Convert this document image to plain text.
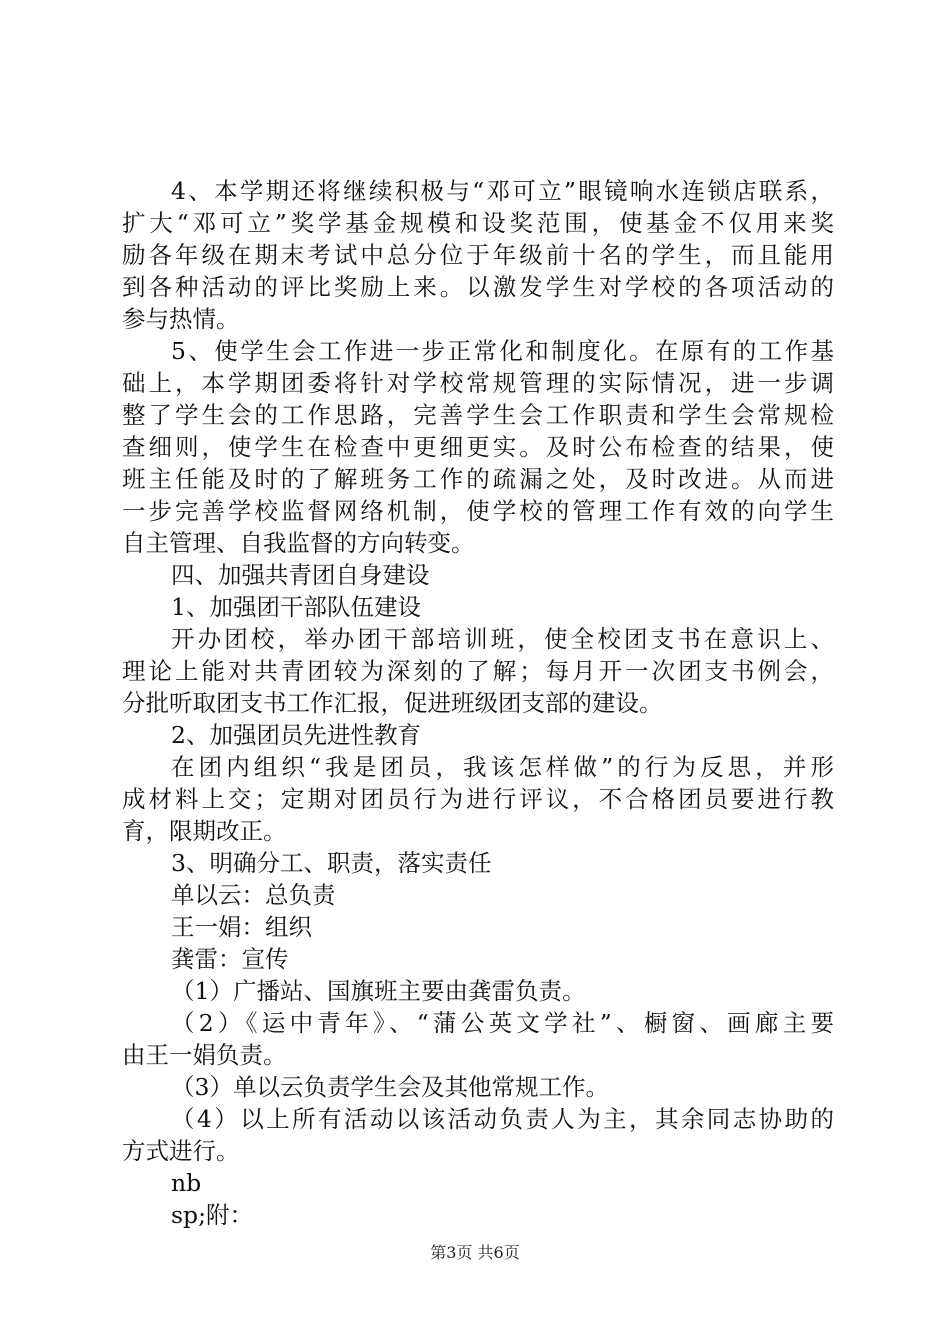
4、本学期还将继续积极与“邓可立”眼镜响水连锁店联系，
扩大“邓可立”奖学基金规模和设奖范围，使基金不仅用来奖
励各年级在期末考试中总分位于年级前十名的学生，而且能用
到各种活动的评比奖励上来。以激发学生对学校的各项活动的
参与热情。
5、使学生会工作进一步正常化和制度化。在原有的工作基
础上，本学期团委将针对学校常规管理的实际情况，进一步调
整了学生会的工作思路，完善学生会工作职责和学生会常规检
查细则，使学生在检查中更细更实。及时公布检查的结果，使
班主任能及时的了解班务工作的疏漏之处，及时改进。从而进
一步完善学校监督网络机制，使学校的管理工作有效的向学生
自主管理、自我监督的方向转变。
四、加强共青团自身建设
1、加强团干部队伍建设
开办团校，举办团干部培训班，使全校团支书在意识上、
理论上能对共青团较为深刻的了解；每月开一次团支书例会，
分批听取团支书工作汇报，促进班级团支部的建设。
2、加强团员先进性教育
在团内组织“我是团员，我该怎样做”的行为反思，并形
成材料上交；定期对团员行为进行评议，不合格团员要进行教
育，限期改正。
3、明确分工、职责，落实责任
单以云：总负责
王一娟：组织
龚雷：宣传
（1）广播站、国旗班主要由龚雷负责。
（2）《运中青年》、“蒲公英文学社”、橱窗、画廊主要
由王一娟负责。
（3）单以云负责学生会及其他常规工作。
（4）以上所有活动以该活动负责人为主，其余同志协助的
方式进行。
nb
sp;附：
第3页 共6页
